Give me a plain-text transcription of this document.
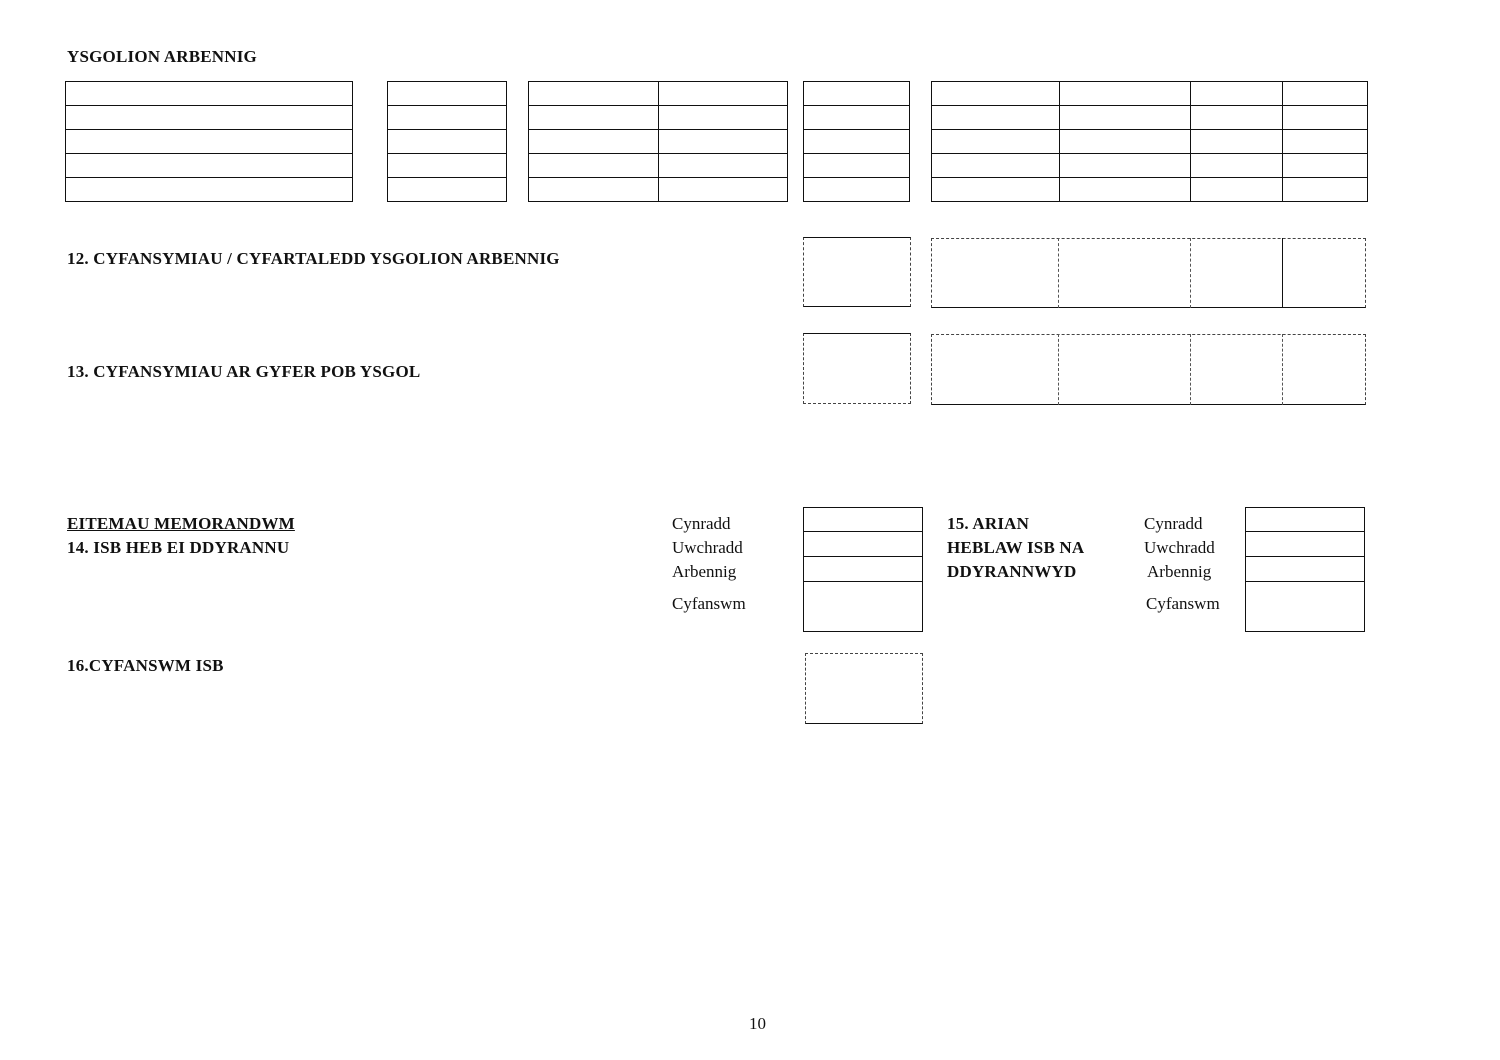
YSGOLION ARBENNIG

12. CYFANSYMIAU / CYFARTALEDD YSGOLION ARBENNIG
13. CYFANSYMIAU AR GYFER POB YSGOL
EITEMAU MEMORANDWM
14. ISB HEB EI DDYRANNU
Cynradd
Uwchradd
Arbennig
Cyfanswm
15. ARIAN
HEBLAW ISB NA
DDYRANNWYD
Cynradd
Uwchradd
Arbennig
Cyfanswm
16.CYFANSWM ISB
10
